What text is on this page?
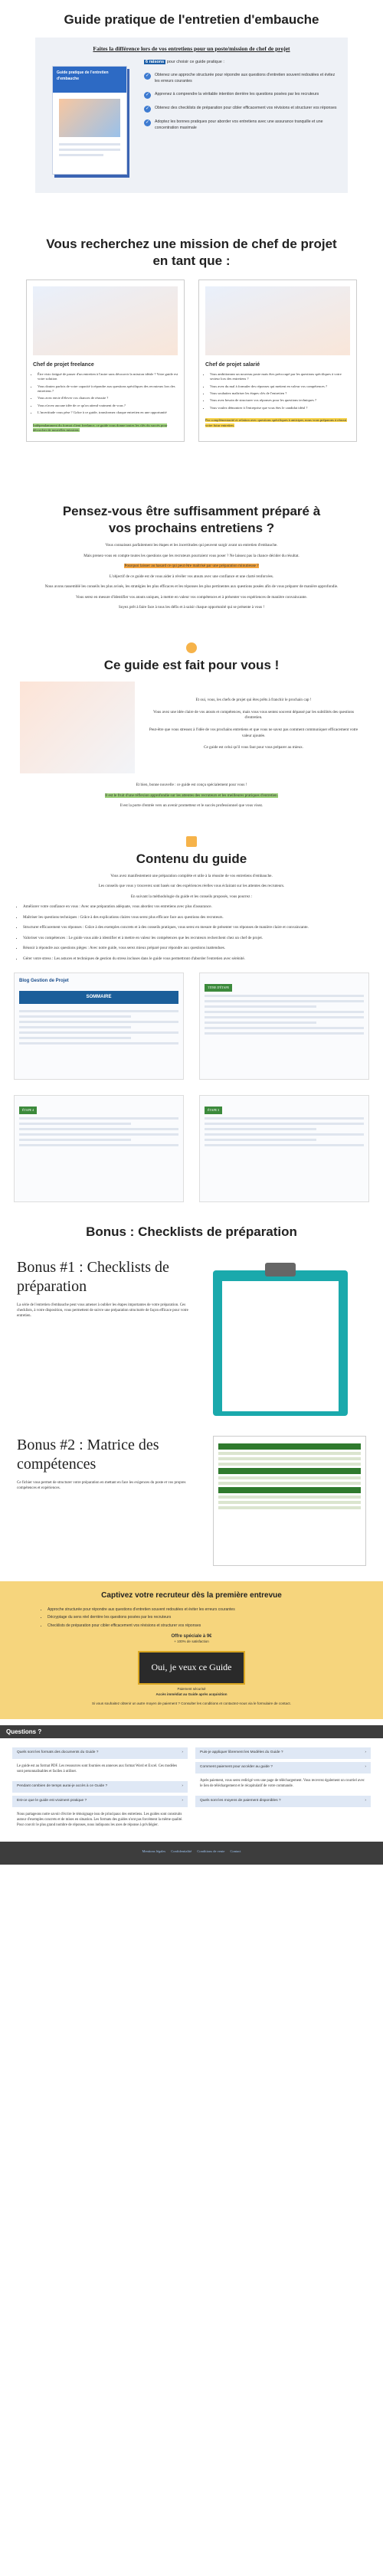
Guide pratique de l'entretien d'embauche
Faites la différence lors de vos entretiens pour un poste/mission de chef de projet
Guide pratique de l'entretien d'embauche
6 raisons pour choisir ce guide pratique :
✓	Obtenez une approche structurée pour répondre aux questions d'entretien souvent redoutées et évitez les erreurs courantes
✓	Apprenez à comprendre la véritable intention derrière les questions posées par les recruteurs
✓	Obtenez des checklists de préparation pour cibler efficacement vos révisions et structurer vos réponses
✓	Adoptez les bonnes pratiques pour aborder vos entretiens avec une assurance tranquille et une concentration maximale
Vous recherchez une mission de chef de projet en tant que :
Chef de projet freelance
• Être visio fatigué de passer d'un entretien à l'autre sans découvrir la mission idéale ? Votre guide est votre solution
• Vous doutez parfois de votre capacité à répondre aux questions spécifiques des recruteurs lors des entretiens ?
• Vous avez envie d'élever vos chances de réussite ?
• Vous n'avez aucune idée de ce qu'on attend vraiment de vous ?
• L'incertitude vous pèse ? Grâce à ce guide, transformez chaque entretien en une opportunité
Indépendamment du format client freelance, ce guide vous donne toutes les clés du succès pour décrocher de nouvelles missions.
Chef de projet salarié
• Vous ambitionnez un nouveau poste mais êtes préoccupé par les questions spécifiques à votre secteur lors des entretiens ?
• Vous avez du mal à formuler des réponses qui mettent en valeur vos compétences ?
• Vous souhaitez maîtriser les étapes clés de l'entretien ?
• Vous avez besoin de structurer vos réponses pour les questions techniques ?
• Vous voulez démontrer à l'entreprise que vous êtes le candidat idéal ?
Par complémentarité et relation avec questions spécifiques à anticiper, nous vous préparons à réussir votre futur entretien.
Pensez-vous être suffisamment préparé à vos prochains entretiens ?

Vous connaissez parfaitement les étapes et les incertitudes qui peuvent surgir avant un entretien d'embauche.

Mais prenez-vous en compte toutes les questions que les recruteurs pourraient vous poser ? Ne laissez pas la chance décider du résultat.

Pourquoi laisser au hasard ce qui peut être maîtrisé par une préparation minutieuse ?

L'objectif de ce guide est de vous aider à révéler vos atouts avec une confiance et une clarté renforcées.

Nous avons rassemblé les conseils les plus avisés, les stratégies les plus efficaces et les réponses les plus pertinentes aux questions posées afin de vous préparer de manière approfondie.

Vous serez en mesure d'identifier vos atouts uniques, à mettre en valeur vos compétences et à présenter vos expériences de manière convaincante.

Soyez prêt à faire face à tous les défis et à saisir chaque opportunité qui se présente à vous !

Ce guide est fait pour vous !

Et oui, vous, les chefs de projet qui êtes prêts à franchir le prochain cap !

Vous avez une idée claire de vos atouts et compétences, mais vous vous sentez souvent dépassé par les subtilités des questions d'entretien.

Peut-être que vous stressez à l'idée de vos prochains entretiens et que vous ne savez pas comment communiquer efficacement votre valeur ajoutée.

Ce guide est celui qu'il vous faut pour vous préparer au mieux.

Et bien, bonne nouvelle : ce guide est conçu spécialement pour vous !

Il est le fruit d'une réflexion approfondie sur les attentes des recruteurs et les meilleures pratiques d'entretien.

Il est la porte d'entrée vers un avenir prometteur et le succès professionnel que vous visez.

Contenu du guide

Vous avez manifestement une préparation complète et utile à la réussite de vos entretiens d'embauche.

Les conseils que vous y trouverez sont basés sur des expériences réelles vous éclairant sur les attentes des recruteurs.

En suivant la méthodologie du guide et les conseils proposés, vous pourrez :

• Améliorer votre confiance en vous : Avec une préparation adéquate, vous abordez vos entretiens avec plus d'assurance.
• Maîtriser les questions techniques : Grâce à des explications claires vous serez plus efficace face aux questions des recruteurs.
• Structurer efficacement vos réponses : Grâce à des exemples concrets et à des conseils pratiques, vous serez en mesure de présenter vos réponses de manière claire et convaincante.
• Valoriser vos compétences : Le guide vous aide à identifier et à mettre en valeur les compétences que les recruteurs recherchent chez un chef de projet.
• Réussir à répondre aux questions pièges : Avec notre guide, vous serez mieux préparé pour répondre aux questions inattendues.
• Gérer votre stress : Les astuces et techniques de gestion du stress incluses dans le guide vous permettront d'aborder l'entretien avec sérénité.
Blog Gestion de Projet
SOMMAIRE
TITRE D'ÉTAPE
ÉTAPE 4	ÉTAPE 3
Bonus : Checklists de préparation
Bonus #1 : Checklists de préparation

La série de l'entretien d'embauche peut vous amener à oublier les étapes importantes de votre préparation. Ces checklists, à votre disposition, vous permettent de suivre une préparation structurée de façon efficace pour votre entretien.

Bonus #2 : Matrice des compétences

Ce fichier vous permet de structurer votre préparation en mettant en face les exigences du poste et vos propres compétences et expériences.

Captivez votre recruteur dès la première entrevue
• Approche structurée pour répondre aux questions d'entretien souvent redoutées et éviter les erreurs courantes
• Décryptage du sens réel derrière les questions posées par les recruteurs
• Checklists de préparation pour cibler efficacement vos révisions et structurer vos réponses
Offre spéciale à 9€
+ 100% de satisfaction
Oui, je veux ce Guide
Paiement sécurisé
Accès immédiat au Guide après acquisition
Si vous souhaitez obtenir un autre moyen de paiement ? Consulter les conditions et contactez-nous via le formulaire de contact.
Questions ?
Quels sont les formats des documents du Guide ?	›
Le guide est au format PDF. Les ressources sont fournies en annexes aux format Word et Excel. Ces modèles sont personnalisables et faciles à utiliser.
Pendant combien de temps aurai-je accès à ce Guide ?	›
Est-ce que le guide est vraiment pratique ?	›
Nous partageons notre savoir d'écrire le témoignage issu de principaux des entretiens. Les guides sont construits autour d'exemples concrets et de mises en situation. Les formats des guides n'ont pas forcément la même qualité. Pour couvrir le plus grand nombre de réponses, nous indiquons les axes de réponse à privilégier.
Puis-je appliquer librement les Modèles du Guide ?	›
Comment paiement pour accéder au guide ?	›
Après paiement, vous serez redirigé vers une page de téléchargement. Vous recevrez également un courriel avec le lien de téléchargement et le récapitulatif de votre commande.
Quels sont les moyens de paiement disponibles ?	›
Mentions légales Confidentialité Conditions de vente Contact
